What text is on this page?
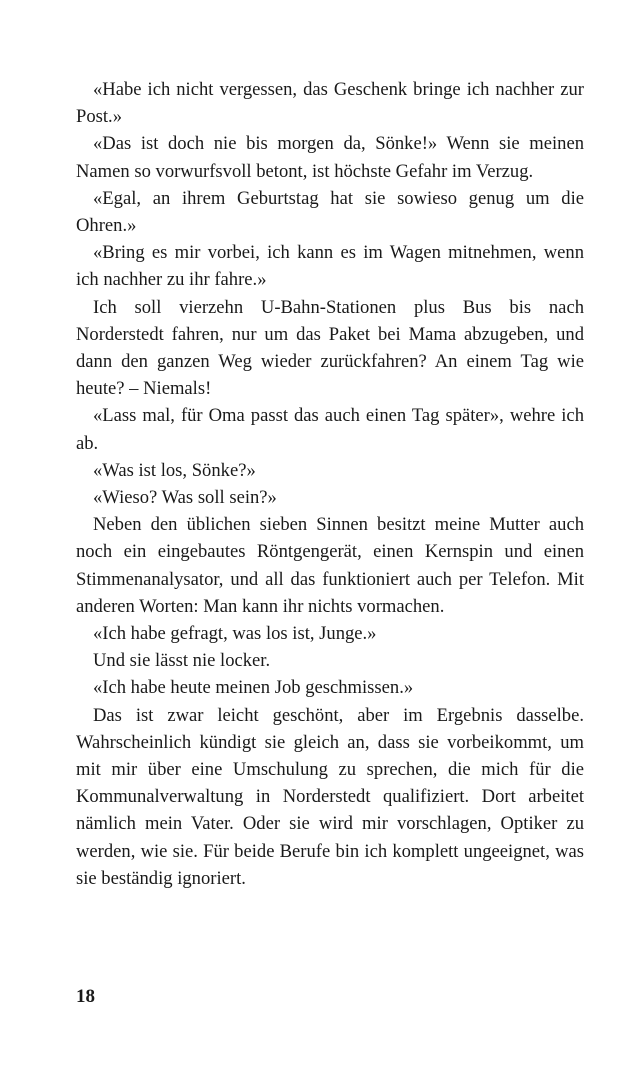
«Habe ich nicht vergessen, das Geschenk bringe ich nachher zur Post.»

«Das ist doch nie bis morgen da, Sönke!» Wenn sie meinen Namen so vorwurfsvoll betont, ist höchste Gefahr im Verzug.

«Egal, an ihrem Geburtstag hat sie sowieso genug um die Ohren.»

«Bring es mir vorbei, ich kann es im Wagen mitnehmen, wenn ich nachher zu ihr fahre.»

Ich soll vierzehn U-Bahn-Stationen plus Bus bis nach Norderstedt fahren, nur um das Paket bei Mama abzugeben, und dann den ganzen Weg wieder zurückfahren? An einem Tag wie heute? – Niemals!

«Lass mal, für Oma passt das auch einen Tag später», wehre ich ab.

«Was ist los, Sönke?»

«Wieso? Was soll sein?»

Neben den üblichen sieben Sinnen besitzt meine Mutter auch noch ein eingebautes Röntgengerät, einen Kernspin und einen Stimmenanalysator, und all das funktioniert auch per Telefon. Mit anderen Worten: Man kann ihr nichts vormachen.

«Ich habe gefragt, was los ist, Junge.»

Und sie lässt nie locker.

«Ich habe heute meinen Job geschmissen.»

Das ist zwar leicht geschönt, aber im Ergebnis dasselbe. Wahrscheinlich kündigt sie gleich an, dass sie vorbeikommt, um mit mir über eine Umschulung zu sprechen, die mich für die Kommunalverwaltung in Norderstedt qualifiziert. Dort arbeitet nämlich mein Vater. Oder sie wird mir vorschlagen, Optiker zu werden, wie sie. Für beide Berufe bin ich komplett ungeeignet, was sie beständig ignoriert.

18
